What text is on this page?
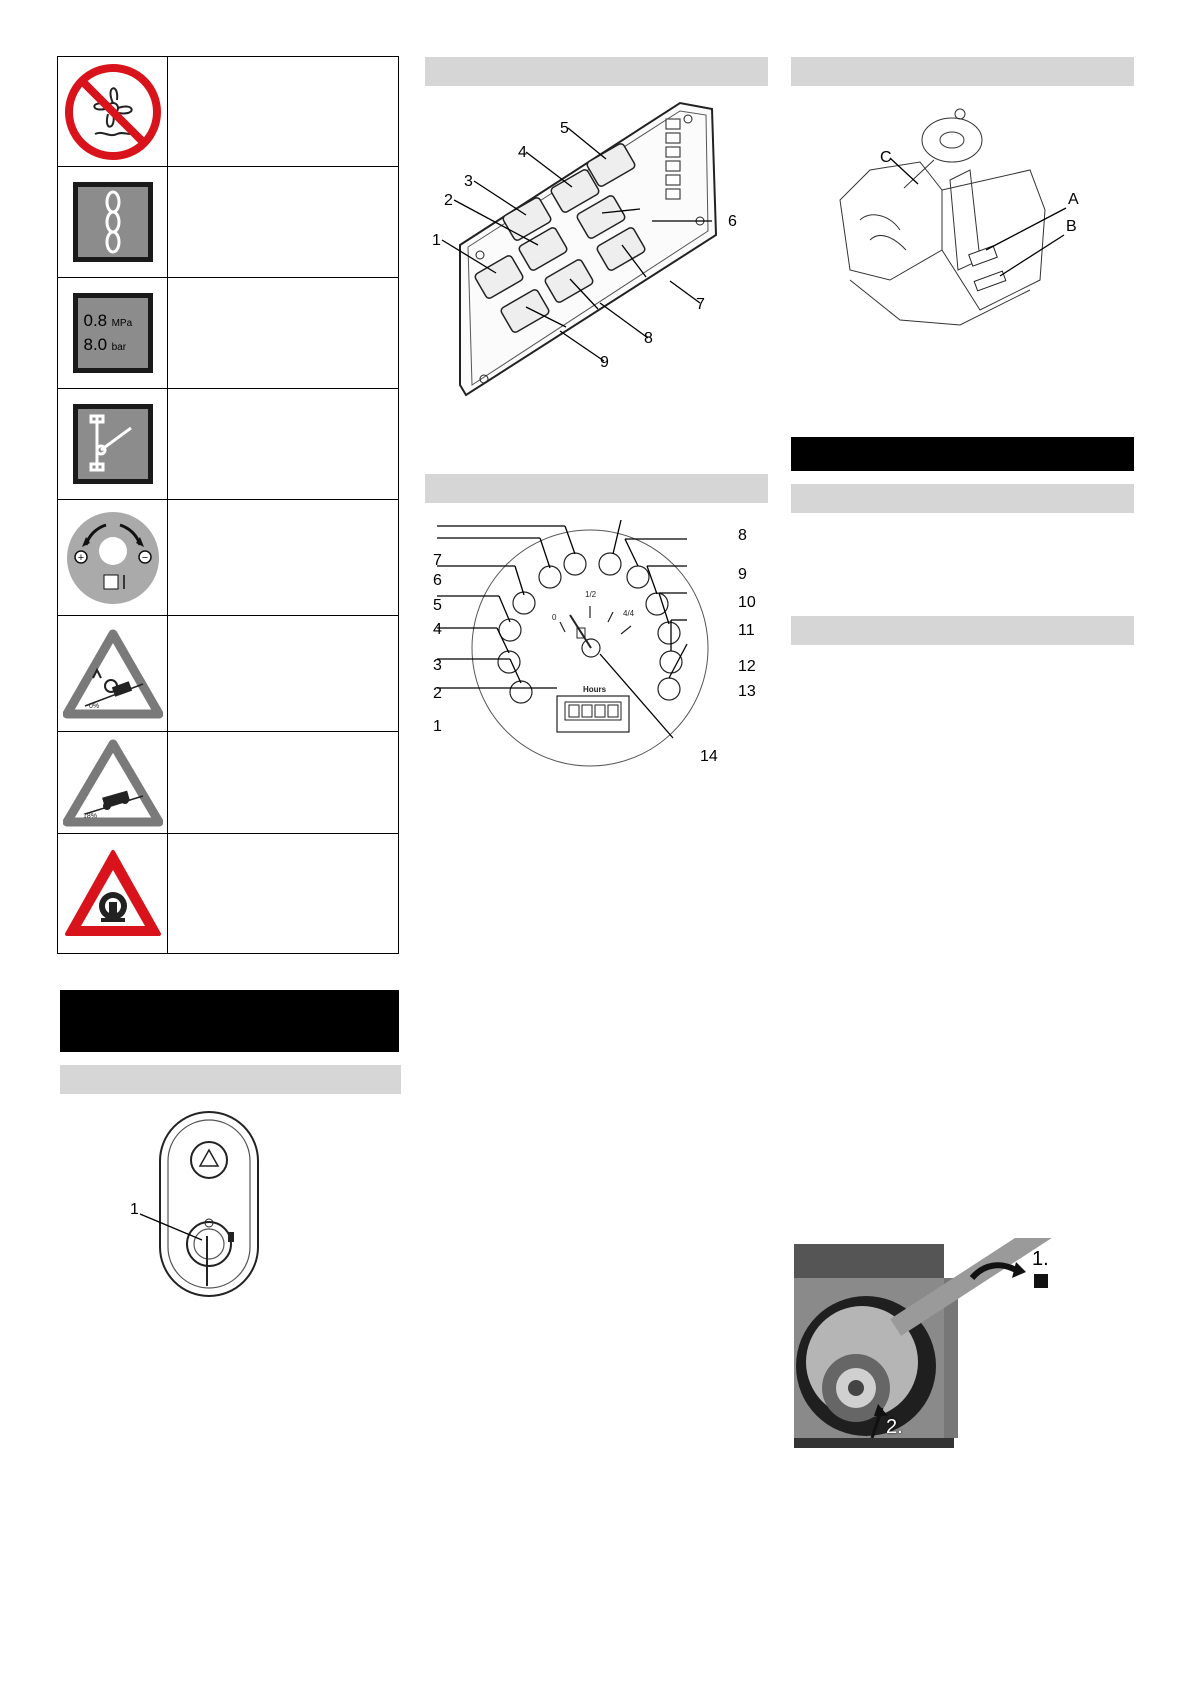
0.8 MPa
8.0 bar
+	−
0%
18%
1
1
2
3
4
5
6
7
8
9
0
1/2
4/4
Hours
7
6
5
4
3
2
1
8
9
10
11
12
13
14
C
A
B
1.
2.
